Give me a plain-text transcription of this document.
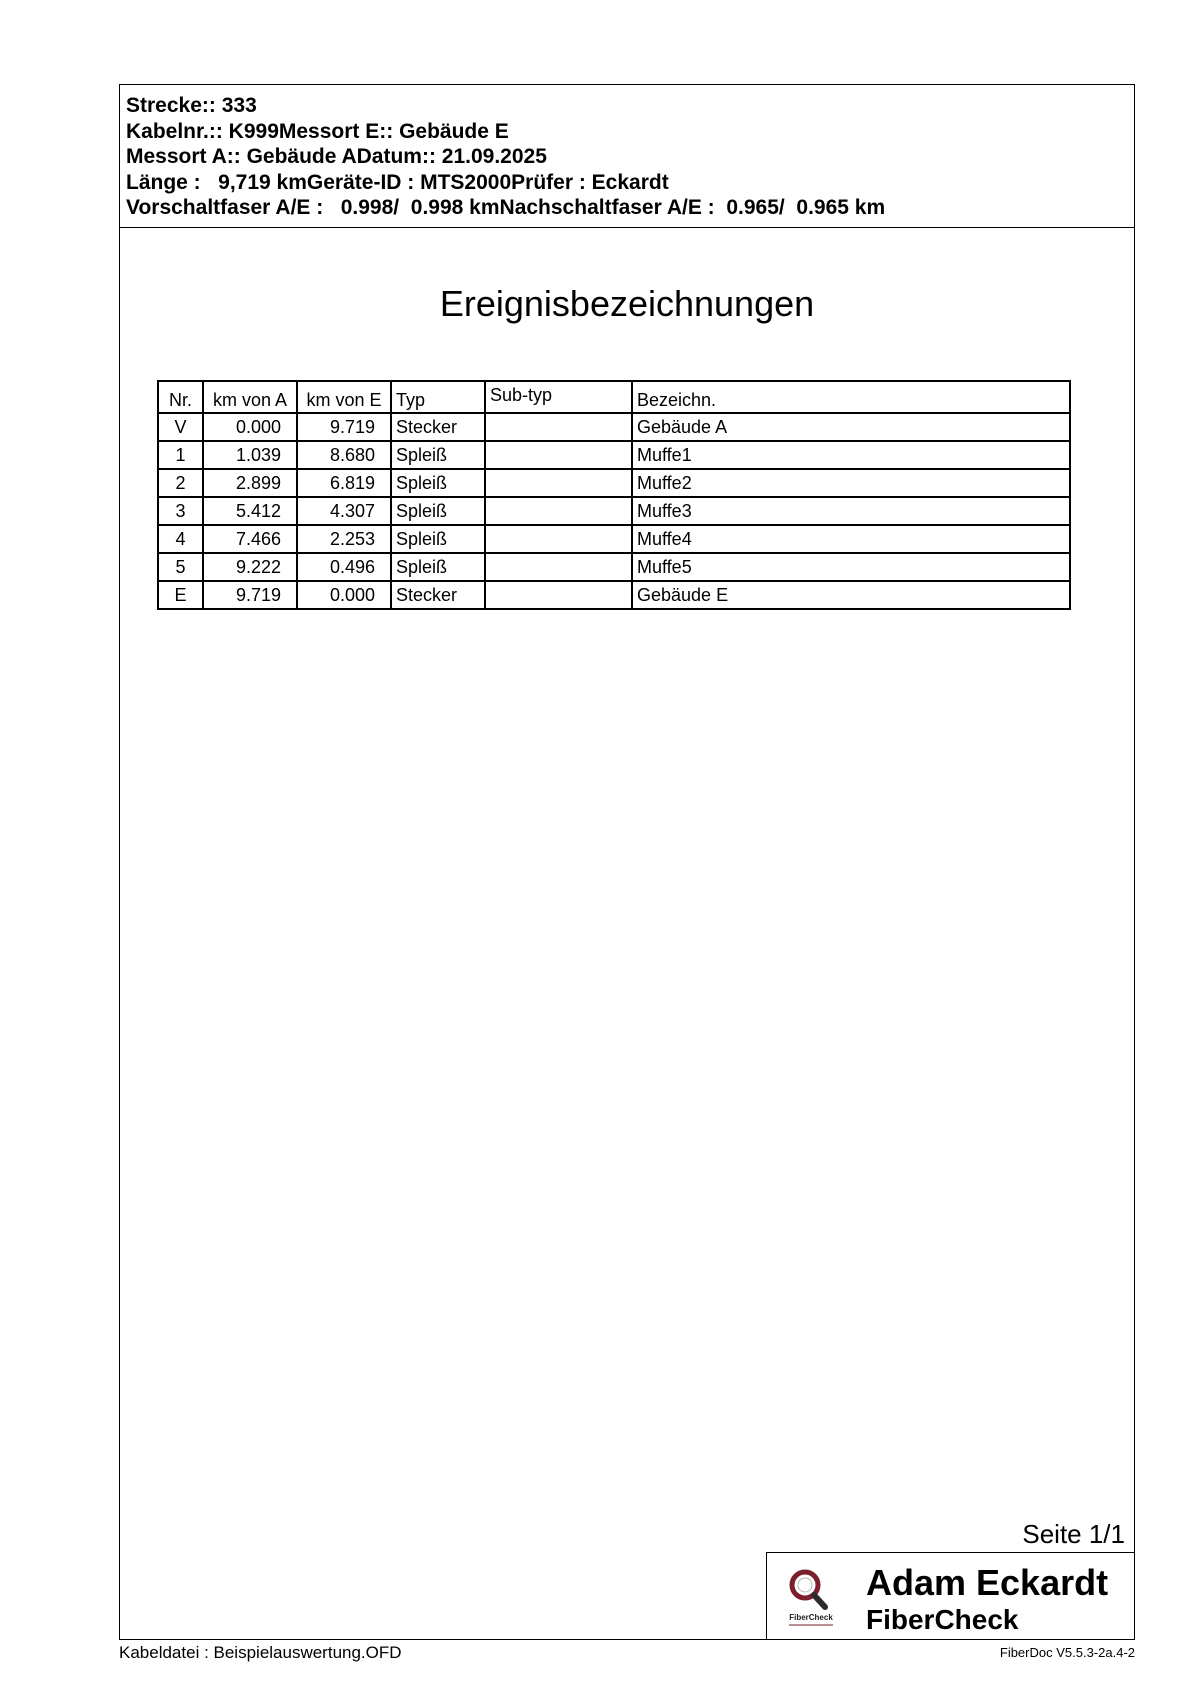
Strecke:: 333
Kabelnr.:: K999Messort E:: Gebäude E
Messort A:: Gebäude ADatum:: 21.09.2025
Länge :   9,719 kmGeräte-ID : MTS2000Prüfer : Eckardt
Vorschaltfaser A/E :   0.998/  0.998 kmNachschaltfaser A/E :  0.965/  0.965 km
Ereignisbezeichnungen
Nr.	km von A	km von E	Typ	Sub-typ	Bezeichn.
V	0.000	9.719	Stecker		Gebäude A
1	1.039	8.680	Spleiß		Muffe1
2	2.899	6.819	Spleiß		Muffe2
3	5.412	4.307	Spleiß		Muffe3
4	7.466	2.253	Spleiß		Muffe4
5	9.222	0.496	Spleiß		Muffe5
E	9.719	0.000	Stecker		Gebäude E
Seite 1/1
FiberCheck
Adam Eckardt
FiberCheck
Kabeldatei : Beispielauswertung.OFD	FiberDoc V5.5.3-2a.4-2
